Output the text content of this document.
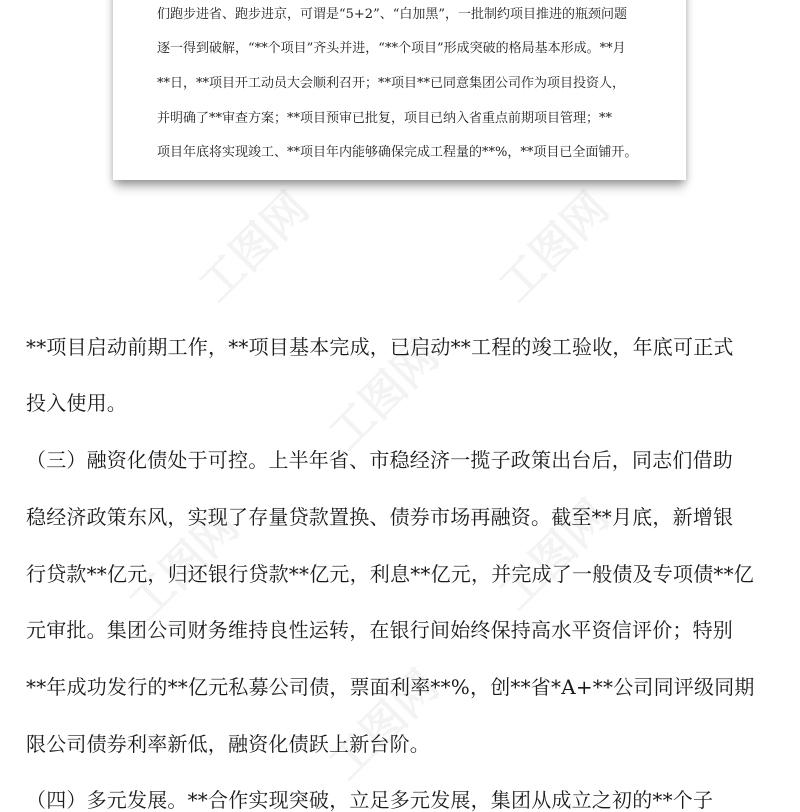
工图网	工图网
工图网
工图网	工图网
工图网
们跑步进省、跑步进京，可谓是“5+2”、“白加黑”，一批制约项目推进的瓶颈问题
逐一得到破解，“**个项目”齐头并进，“**个项目”形成突破的格局基本形成。**月
**日，**项目开工动员大会顺利召开；**项目**已同意集团公司作为项目投资人，
并明确了**审查方案；**项目预审已批复，项目已纳入省重点前期项目管理；**
项目年底将实现竣工、**项目年内能够确保完成工程量的**%，**项目已全面铺开。
**项目启动前期工作，**项目基本完成，已启动**工程的竣工验收，年底可正式
投入使用。
（三）融资化债处于可控。上半年省、市稳经济一揽子政策出台后，同志们借助
稳经济政策东风，实现了存量贷款置换、债券市场再融资。截至**月底，新增银
行贷款**亿元，归还银行贷款**亿元，利息**亿元，并完成了一般债及专项债**亿
元审批。集团公司财务维持良性运转，在银行间始终保持高水平资信评价；特别
**年成功发行的**亿元私募公司债，票面利率**%，创**省*A+**公司同评级同期
限公司债券利率新低，融资化债跃上新台阶。
（四）多元发展。**合作实现突破，立足多元发展，集团从成立之初的**个子
